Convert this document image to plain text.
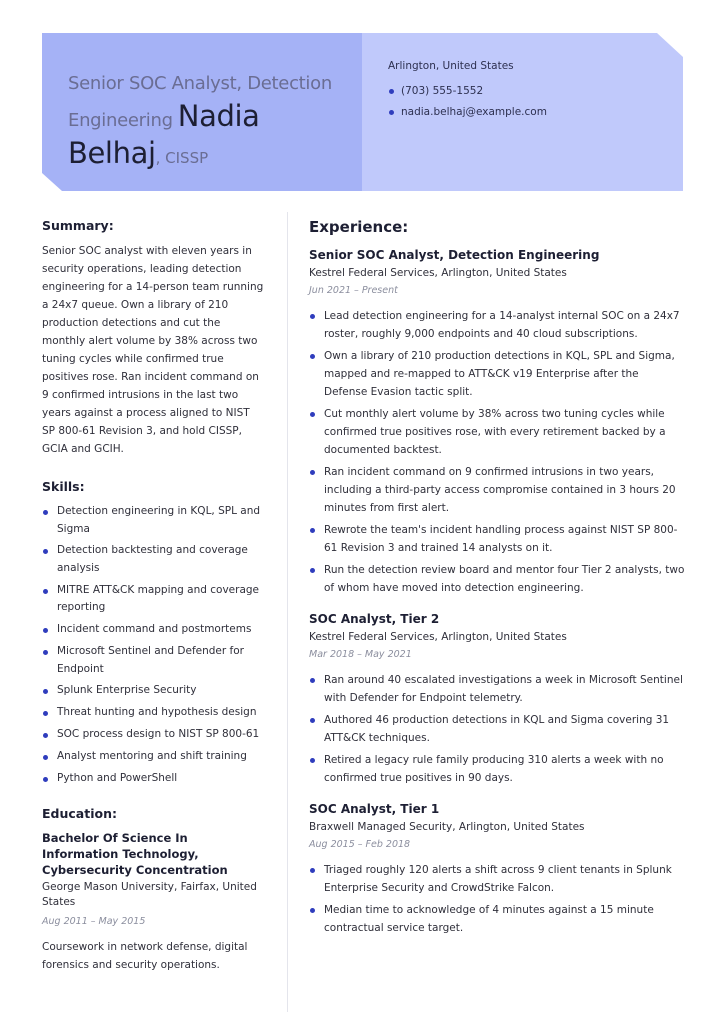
Senior SOC Analyst, Detection Engineering Nadia Belhaj, CISSP
Arlington, United States
(703) 555-1552
nadia.belhaj@example.com
Summary:

Senior SOC analyst with eleven years in security operations, leading detection engineering for a 14-person team running a 24x7 queue. Own a library of 210 production detections and cut the monthly alert volume by 38% across two tuning cycles while confirmed true positives rose. Ran incident command on 9 confirmed intrusions in the last two years against a process aligned to NIST SP 800-61 Revision 3, and hold CISSP, GCIA and GCIH.

Skills:
Detection engineering in KQL, SPL and Sigma
Detection backtesting and coverage analysis
MITRE ATT&CK mapping and coverage reporting
Incident command and postmortems
Microsoft Sentinel and Defender for Endpoint
Splunk Enterprise Security
Threat hunting and hypothesis design
SOC process design to NIST SP 800-61
Analyst mentoring and shift training
Python and PowerShell
Education:
Bachelor Of Science In Information Technology, Cybersecurity Concentration
George Mason University, Fairfax, United States
Aug 2011 – May 2015

Coursework in network defense, digital forensics and security operations.

Experience:
Senior SOC Analyst, Detection Engineering
Kestrel Federal Services, Arlington, United States
Jun 2021 – Present
Lead detection engineering for a 14-analyst internal SOC on a 24x7 roster, roughly 9,000 endpoints and 40 cloud subscriptions.
Own a library of 210 production detections in KQL, SPL and Sigma, mapped and re-mapped to ATT&CK v19 Enterprise after the Defense Evasion tactic split.
Cut monthly alert volume by 38% across two tuning cycles while confirmed true positives rose, with every retirement backed by a documented backtest.
Ran incident command on 9 confirmed intrusions in two years, including a third-party access compromise contained in 3 hours 20 minutes from first alert.
Rewrote the team's incident handling process against NIST SP 800-61 Revision 3 and trained 14 analysts on it.
Run the detection review board and mentor four Tier 2 analysts, two of whom have moved into detection engineering.
SOC Analyst, Tier 2
Kestrel Federal Services, Arlington, United States
Mar 2018 – May 2021
Ran around 40 escalated investigations a week in Microsoft Sentinel with Defender for Endpoint telemetry.
Authored 46 production detections in KQL and Sigma covering 31 ATT&CK techniques.
Retired a legacy rule family producing 310 alerts a week with no confirmed true positives in 90 days.
SOC Analyst, Tier 1
Braxwell Managed Security, Arlington, United States
Aug 2015 – Feb 2018
Triaged roughly 120 alerts a shift across 9 client tenants in Splunk Enterprise Security and CrowdStrike Falcon.
Median time to acknowledge of 4 minutes against a 15 minute contractual service target.
